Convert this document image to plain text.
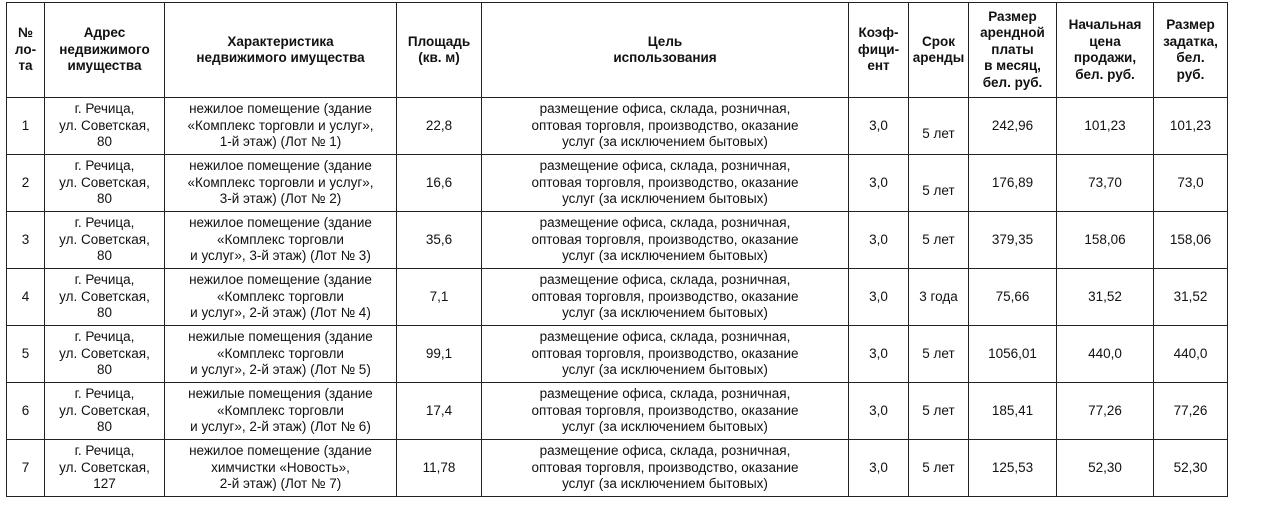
№
ло-та	Адрес
недвижимого
имущества	Характеристика
недвижимого имущества	Площадь
(кв. м)	Цель
использования	Коэф-
фици-
ент	Срок
аренды	Размер
арендной
платы
в месяц,
бел. руб.	Начальная
цена
продажи,
бел. руб.	Размер
задатка,
бел.
руб.

1	г. Речица,
ул. Советская,
80	нежилое помещение (здание
«Комплекс торговли и услуг»,
1-й этаж) (Лот № 1)	22,8	размещение офиса, склада, розничная,
оптовая торговля, производство, оказание
услуг (за исключением бытовых)	3,0	5 лет	242,96	101,23	101,23
2	г. Речица,
ул. Советская,
80	нежилое помещение (здание
«Комплекс торговли и услуг»,
3-й этаж) (Лот № 2)	16,6	размещение офиса, склада, розничная,
оптовая торговля, производство, оказание
услуг (за исключением бытовых)	3,0	5 лет	176,89	73,70	73,0
3	г. Речица,
ул. Советская,
80	нежилое помещение (здание
«Комплекс торговли
и услуг», 3-й этаж) (Лот № 3)	35,6	размещение офиса, склада, розничная,
оптовая торговля, производство, оказание
услуг (за исключением бытовых)	3,0	5 лет	379,35	158,06	158,06
4	г. Речица,
ул. Советская,
80	нежилое помещение (здание
«Комплекс торговли
и услуг», 2-й этаж) (Лот № 4)	7,1	размещение офиса, склада, розничная,
оптовая торговля, производство, оказание
услуг (за исключением бытовых)	3,0	3 года	75,66	31,52	31,52
5	г. Речица,
ул. Советская,
80	нежилые помещения (здание
«Комплекс торговли
и услуг», 2-й этаж) (Лот № 5)	99,1	размещение офиса, склада, розничная,
оптовая торговля, производство, оказание
услуг (за исключением бытовых)	3,0	5 лет	1056,01	440,0	440,0
6	г. Речица,
ул. Советская,
80	нежилые помещения (здание
«Комплекс торговли
и услуг», 2-й этаж) (Лот № 6)	17,4	размещение офиса, склада, розничная,
оптовая торговля, производство, оказание
услуг (за исключением бытовых)	3,0	5 лет	185,41	77,26	77,26
7	г. Речица,
ул. Советская,
127	нежилое помещение (здание
химчистки «Новость»,
2-й этаж) (Лот № 7)	11,78	размещение офиса, склада, розничная,
оптовая торговля, производство, оказание
услуг (за исключением бытовых)	3,0	5 лет	125,53	52,30	52,30
